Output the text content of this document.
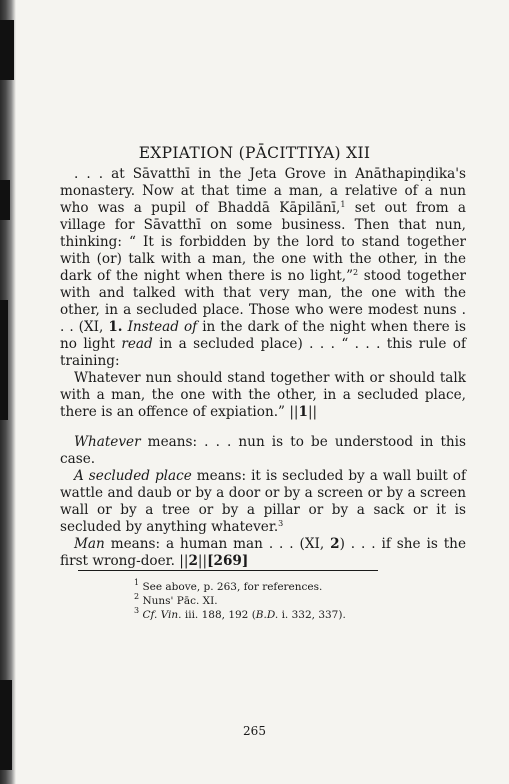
EXPIATION (PĀCITTIYA) XII

. . . at Sāvatthī in the Jeta Grove in Anāthapiṇḍika's monastery. Now at that time a man, a relative of a nun who was a pupil of Bhaddā Kāpilānī,$^1$ set out from a village for Sāvatthī on some business. Then that nun, thinking: “ It is forbidden by the lord to stand together with (or) talk with a man, the one with the other, in the dark of the night when there is no light,”$^2$ stood together with and talked with that very man, the one with the other, in a secluded place. Those who were modest nuns . . . (XI, 1. Instead of in the dark of the night when there is no light read in a secluded place) . . . “ . . . this rule of training:

Whatever nun should stand together with or should talk with a man, the one with the other, in a secluded place, there is an offence of expiation.” ||1||

Whatever means: . . . nun is to be understood in this case.

A secluded place means: it is secluded by a wall built of wattle and daub or by a door or by a screen or by a screen wall or by a tree or by a pillar or by a sack or it is secluded by anything whatever.$^3$

Man means: a human man . . . (XI, 2) . . . if she is the first wrong-doer. ||2||[269]

$^1$ See above, p. 263, for references.
$^2$ Nuns' Pāc. XI.
$^3$ Cf. Vin. iii. 188, 192 (B.D. i. 332, 337).
265
